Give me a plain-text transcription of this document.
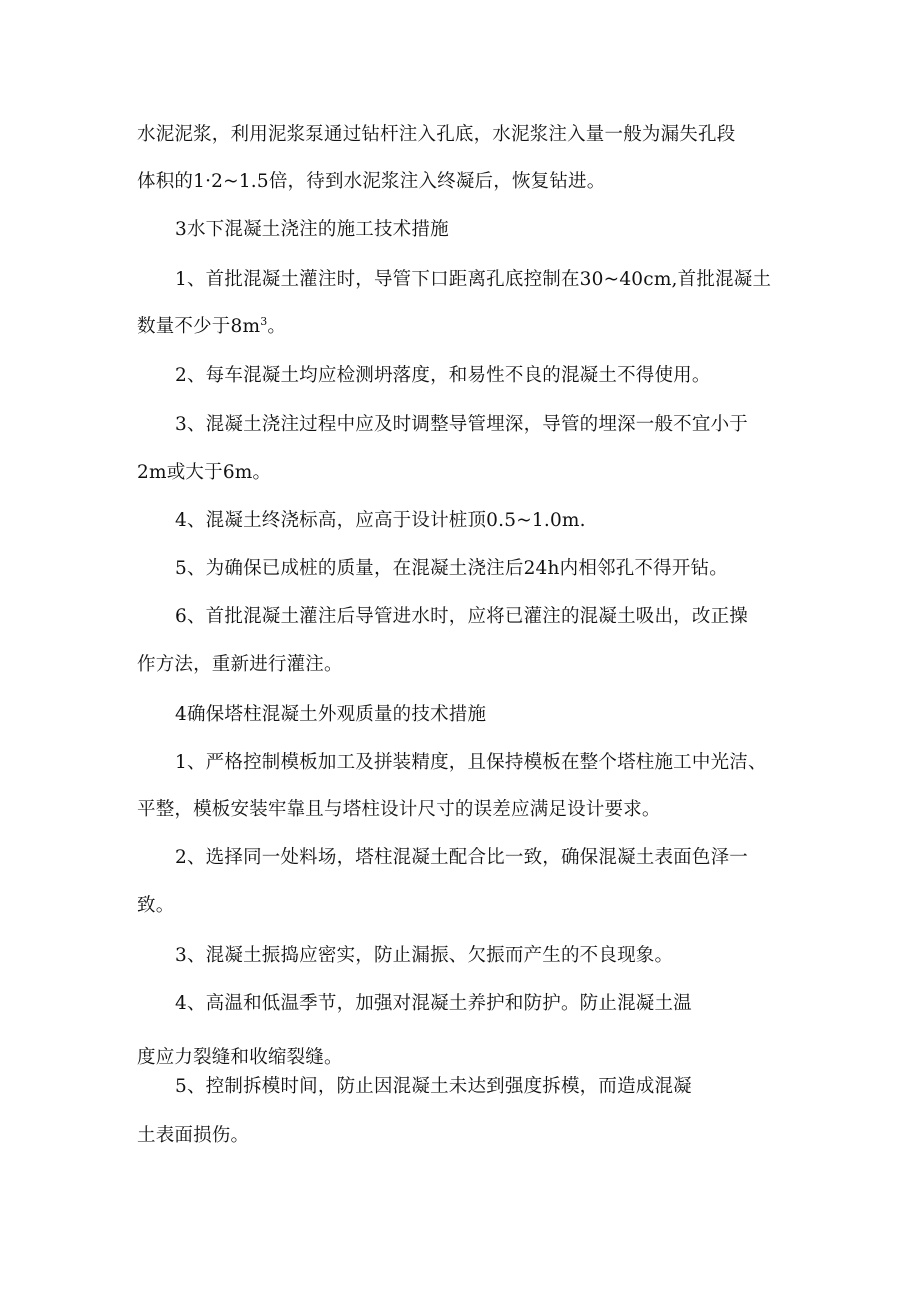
水泥泥浆，利用泥浆泵通过钻杆注入孔底，水泥浆注入量一般为漏失孔段
体积的1·2~1.5倍，待到水泥浆注入终凝后，恢复钻进。
3水下混凝土浇注的施工技术措施
1、首批混凝土灌注时，导管下口距离孔底控制在30~40cm,首批混凝土
数量不少于$8m^3$。
2、每车混凝土均应检测坍落度，和易性不良的混凝土不得使用。
3、混凝土浇注过程中应及时调整导管埋深，导管的埋深一般不宜小于
2m或大于6m。
4、混凝土终浇标高，应高于设计桩顶0.5~1.0m.
5、为确保已成桩的质量，在混凝土浇注后24h内相邻孔不得开钻。
6、首批混凝土灌注后导管进水时，应将已灌注的混凝土吸出，改正操
作方法，重新进行灌注。
4确保塔柱混凝土外观质量的技术措施
1、严格控制模板加工及拼装精度，且保持模板在整个塔柱施工中光洁、
平整，模板安装牢靠且与塔柱设计尺寸的误差应满足设计要求。
2、选择同一处料场，塔柱混凝土配合比一致，确保混凝土表面色泽一
致。
3、混凝土振捣应密实，防止漏振、欠振而产生的不良现象。
4、高温和低温季节，加强对混凝土养护和防护。防止混凝土温
度应力裂缝和收缩裂缝。
5、控制拆模时间，防止因混凝土未达到强度拆模，而造成混凝
土表面损伤。
